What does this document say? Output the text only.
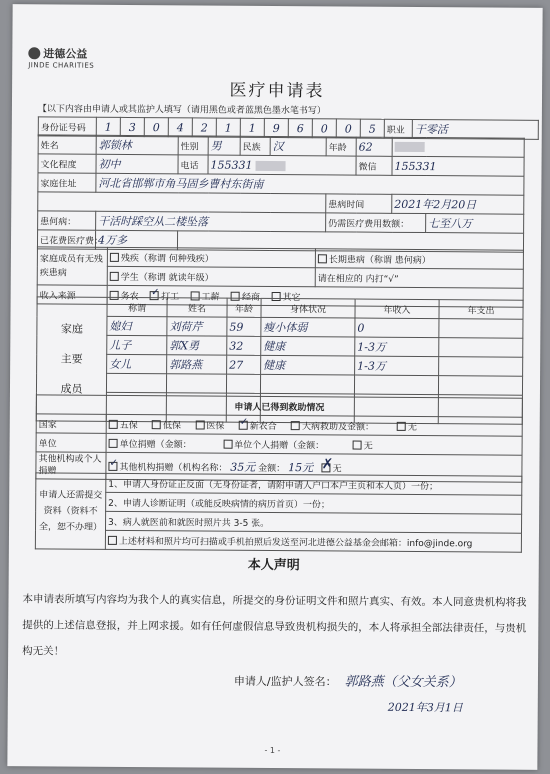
进德公益
JINDE CHARITIES
医疗申请表
【以下内容由申请人或其监护人填写（请用黑色或者蓝黑色墨水笔书写）
身份证号码	1	3	0	4	2	1	1	9	6	0	0	5	职业	干零活
姓名	郭锁林	性别	男	民族	汉	年龄	62		
文化程度	初中	电话	155331				微信	155331	
家庭住址	河北省邯郸市角马固乡曹村东街南								
						患病时间		2021年2月20日	
患何病：	干活时踩空从二楼坠落					仍需医疗费用数额：			七至八万
已花费医疗费：	4万多								
家庭成员有无残疾患病	残疾（称谓 何种残疾）	长期患病（称谓 患何病）
	学生（称谓 就读年级）	请在相应的 内打“√”
收入来源	务农 ✓ 打工 工薪 经商 其它	
家庭
主要
成员	称谓	姓名	年龄	身体状况	年收入	年支出
	媳妇	刘荷芹	59	瘦小体弱	0	
	儿子	郭X勇	32	健康	1-3万	
	女儿	郭路燕	27	健康	1-3万	

申请人已得到救助情况	
国家	五保 低保 医保 ✓ 新农合 大病救助及金额： 无
单位	单位捐赠（金额： 单位个人捐赠（金额： 无
其他机构或个人捐赠	✓ 其他机构捐赠（机构名称： 35元 金额： 15元 ✗ 无
申请人还需提交资料（资料不全，恕不办理）	1、申请人身份证正反面（无身份证者，请附申请人户口本户主页和本人页）一份；
2、申请人诊断证明（或能反映病情的病历首页）一份；
3、病人就医前和就医时照片共 3-5 张。
上述材料和照片均可扫描或手机拍照后发送至河北进德公益基金会邮箱：info@jinde.org
本人声明
本申请表所填写内容均为我个人的真实信息，所提交的身份证明文件和照片真实、有效。本人同意贵机构将我提供的上述信息登报，并上网求援。如有任何虚假信息导致贵机构损失的，本人将承担全部法律责任，与贵机构无关！
申请人/监护人签名： 郭路燕（父女关系）
2021年3月1日
- 1 -
